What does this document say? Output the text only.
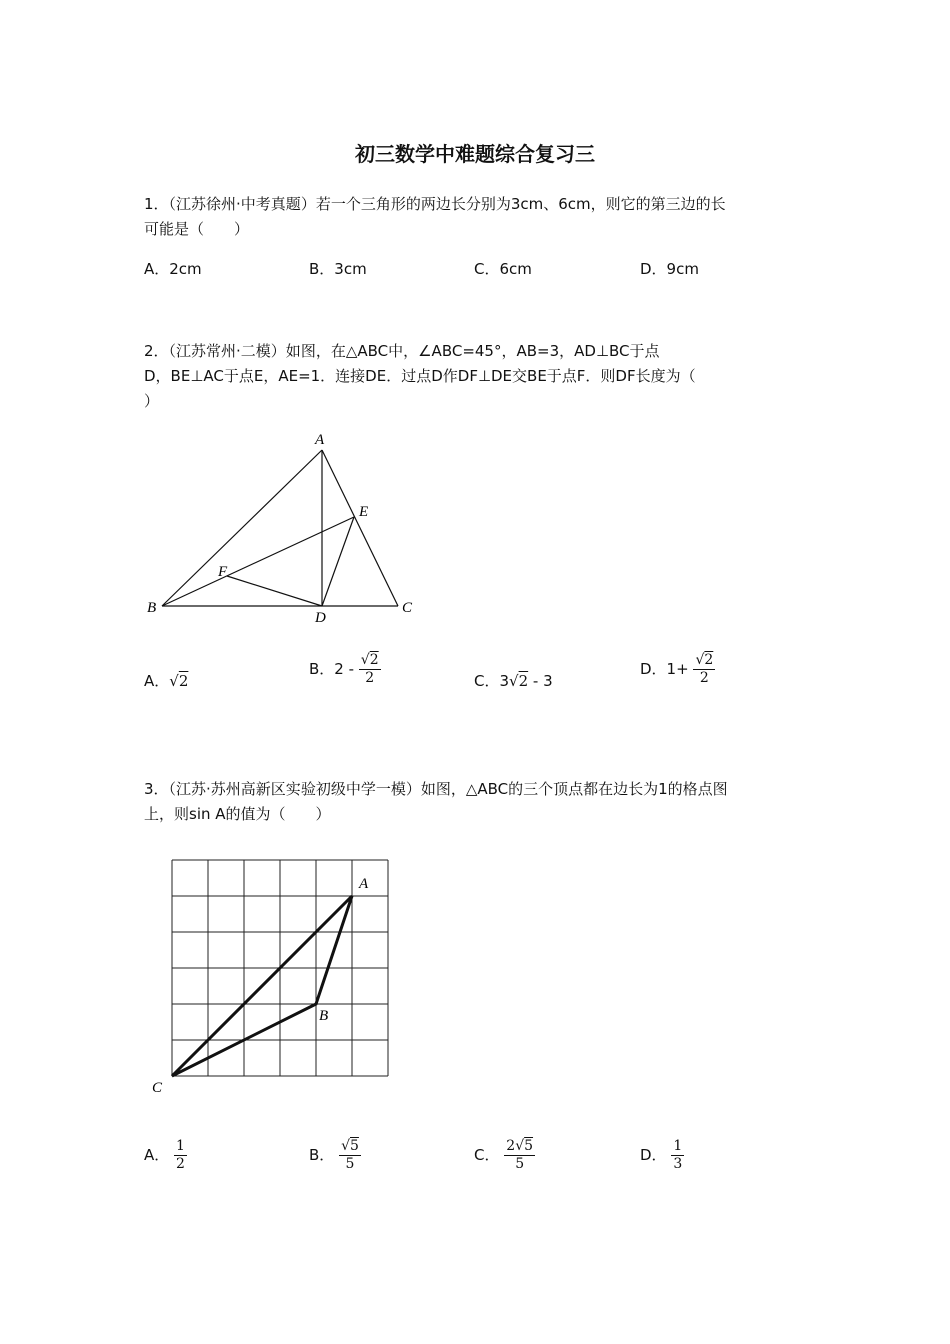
初三数学中难题综合复习三
1．（江苏徐州·中考真题）若一个三角形的两边长分别为3cm、6cm，则它的第三边的长
可能是（　　）
A．2cm	B．3cm	C．6cm	D．9cm
2．（江苏常州·二模）如图，在△ABC中，∠ABC=45°，AB=3，AD⊥BC于点
D，BE⊥AC于点E，AE=1．连接DE．过点D作DF⊥DE交BE于点F．则DF长度为（
）
A
B	C
D
E
F
A．√2
B．$2 - \frac{√2}{2}$	C．3√2 - 3
D．$1+ \frac{√2}{2}$
3．（江苏·苏州高新区实验初级中学一模）如图，△ABC的三个顶点都在边长为1的格点图
上，则sin A的值为（　　）
A
B
C
A． $\frac{1}{2}$	B． $\frac{√5}{5}$	C． $\frac{2√5}{5}$	D． $\frac{1}{3}$
